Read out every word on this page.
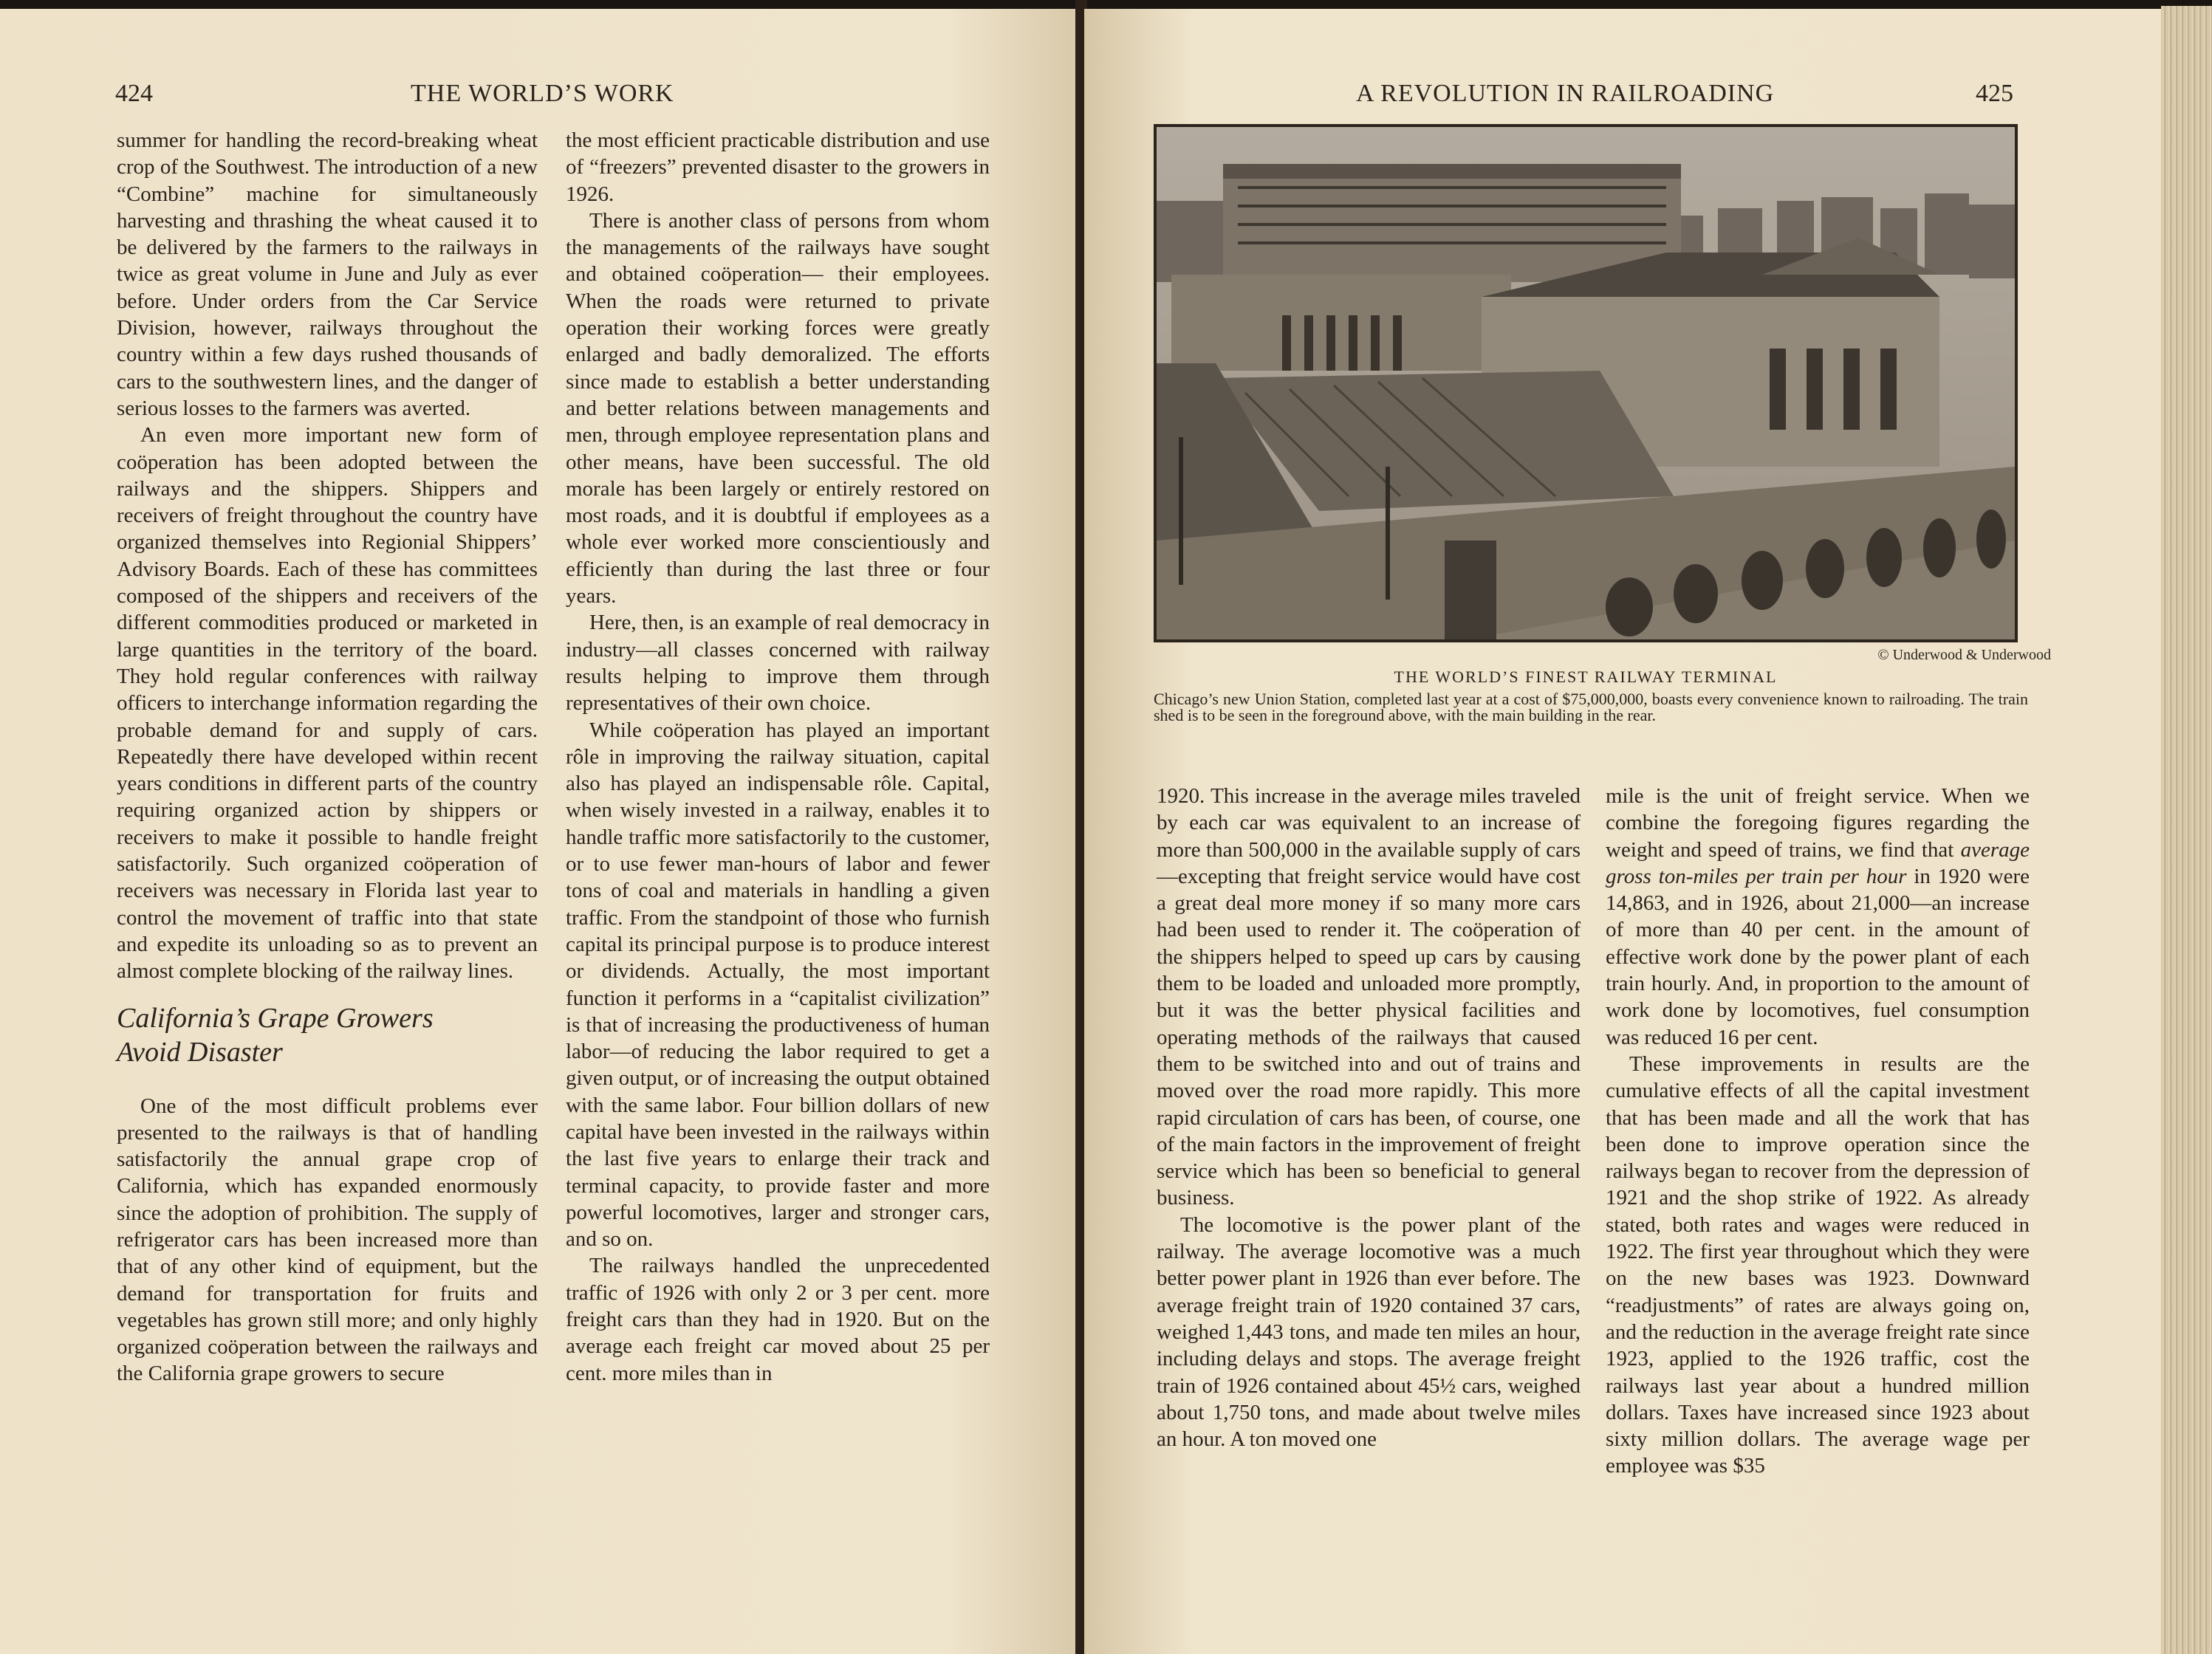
424	THE WORLD’S WORK

summer for handling the record-breaking wheat crop of the Southwest. The introduction of a new “Combine” machine for simultaneously harvesting and thrashing the wheat caused it to be delivered by the farmers to the railways in twice as great volume in June and July as ever before. Under orders from the Car Service Division, however, railways throughout the country within a few days rushed thousands of cars to the southwestern lines, and the danger of serious losses to the farmers was averted.

An even more important new form of coöperation has been adopted between the railways and the shippers. Shippers and receivers of freight throughout the country have organized themselves into Regionial Shippers’ Advisory Boards. Each of these has committees composed of the shippers and receivers of the different commodities produced or marketed in large quantities in the territory of the board. They hold regular conferences with railway officers to interchange information regarding the probable demand for and supply of cars. Repeatedly there have developed within recent years conditions in different parts of the country requiring organized action by shippers or receivers to make it possible to handle freight satisfactorily. Such organized coöperation of receivers was necessary in Florida last year to control the movement of traffic into that state and expedite its unloading so as to prevent an almost complete blocking of the railway lines.

California’s Grape Growers
Avoid Disaster

One of the most difficult problems ever presented to the railways is that of handling satisfactorily the annual grape crop of California, which has expanded enormously since the adoption of prohibition. The supply of refrigerator cars has been increased more than that of any other kind of equipment, but the demand for transportation for fruits and vegetables has grown still more; and only highly organized coöperation between the railways and the California grape growers to secure

the most efficient practicable distribution and use of “freezers” prevented disaster to the growers in 1926.

There is another class of persons from whom the managements of the railways have sought and obtained coöperation— their employees. When the roads were returned to private operation their working forces were greatly enlarged and badly demoralized. The efforts since made to establish a better understanding and better relations between managements and men, through employee representation plans and other means, have been successful. The old morale has been largely or entirely restored on most roads, and it is doubtful if employees as a whole ever worked more conscientiously and efficiently than during the last three or four years.

Here, then, is an example of real democracy in industry—all classes concerned with railway results helping to improve them through representatives of their own choice.

While coöperation has played an important rôle in improving the railway situation, capital also has played an indispensable rôle. Capital, when wisely invested in a railway, enables it to handle traffic more satisfactorily to the customer, or to use fewer man-hours of labor and fewer tons of coal and materials in handling a given traffic. From the standpoint of those who furnish capital its principal purpose is to produce interest or dividends. Actually, the most important function it performs in a “capitalist civilization” is that of increasing the productiveness of human labor—of reducing the labor required to get a given output, or of increasing the output obtained with the same labor. Four billion dollars of new capital have been invested in the railways within the last five years to enlarge their track and terminal capacity, to provide faster and more powerful locomotives, larger and stronger cars, and so on.

The railways handled the unprecedented traffic of 1926 with only 2 or 3 per cent. more freight cars than they had in 1920. But on the average each freight car moved about 25 per cent. more miles than in

A REVOLUTION IN RAILROADING	425
© Underwood & Underwood
THE WORLD’S FINEST RAILWAY TERMINAL
Chicago’s new Union Station, completed last year at a cost of $75,000,000, boasts every convenience known to railroading. The train shed is to be seen in the foreground above, with the main building in the rear.

1920. This increase in the average miles traveled by each car was equivalent to an increase of more than 500,000 in the available supply of cars—excepting that freight service would have cost a great deal more money if so many more cars had been used to render it. The coöperation of the shippers helped to speed up cars by causing them to be loaded and unloaded more promptly, but it was the better physical facilities and operating methods of the railways that caused them to be switched into and out of trains and moved over the road more rapidly. This more rapid circulation of cars has been, of course, one of the main factors in the improvement of freight service which has been so beneficial to general business.

The locomotive is the power plant of the railway. The average locomotive was a much better power plant in 1926 than ever before. The average freight train of 1920 contained 37 cars, weighed 1,443 tons, and made ten miles an hour, including delays and stops. The average freight train of 1926 contained about 45½ cars, weighed about 1,750 tons, and made about twelve miles an hour. A ton moved one

mile is the unit of freight service. When we combine the foregoing figures regarding the weight and speed of trains, we find that average gross ton-miles per train per hour in 1920 were 14,863, and in 1926, about 21,000—an increase of more than 40 per cent. in the amount of effective work done by the power plant of each train hourly. And, in proportion to the amount of work done by locomotives, fuel consumption was reduced 16 per cent.

These improvements in results are the cumulative effects of all the capital investment that has been made and all the work that has been done to improve operation since the railways began to recover from the depression of 1921 and the shop strike of 1922. As already stated, both rates and wages were reduced in 1922. The first year throughout which they were on the new bases was 1923. Downward “readjustments” of rates are always going on, and the reduction in the average freight rate since 1923, applied to the 1926 traffic, cost the railways last year about a hundred million dollars. Taxes have increased since 1923 about sixty million dollars. The average wage per employee was $35
